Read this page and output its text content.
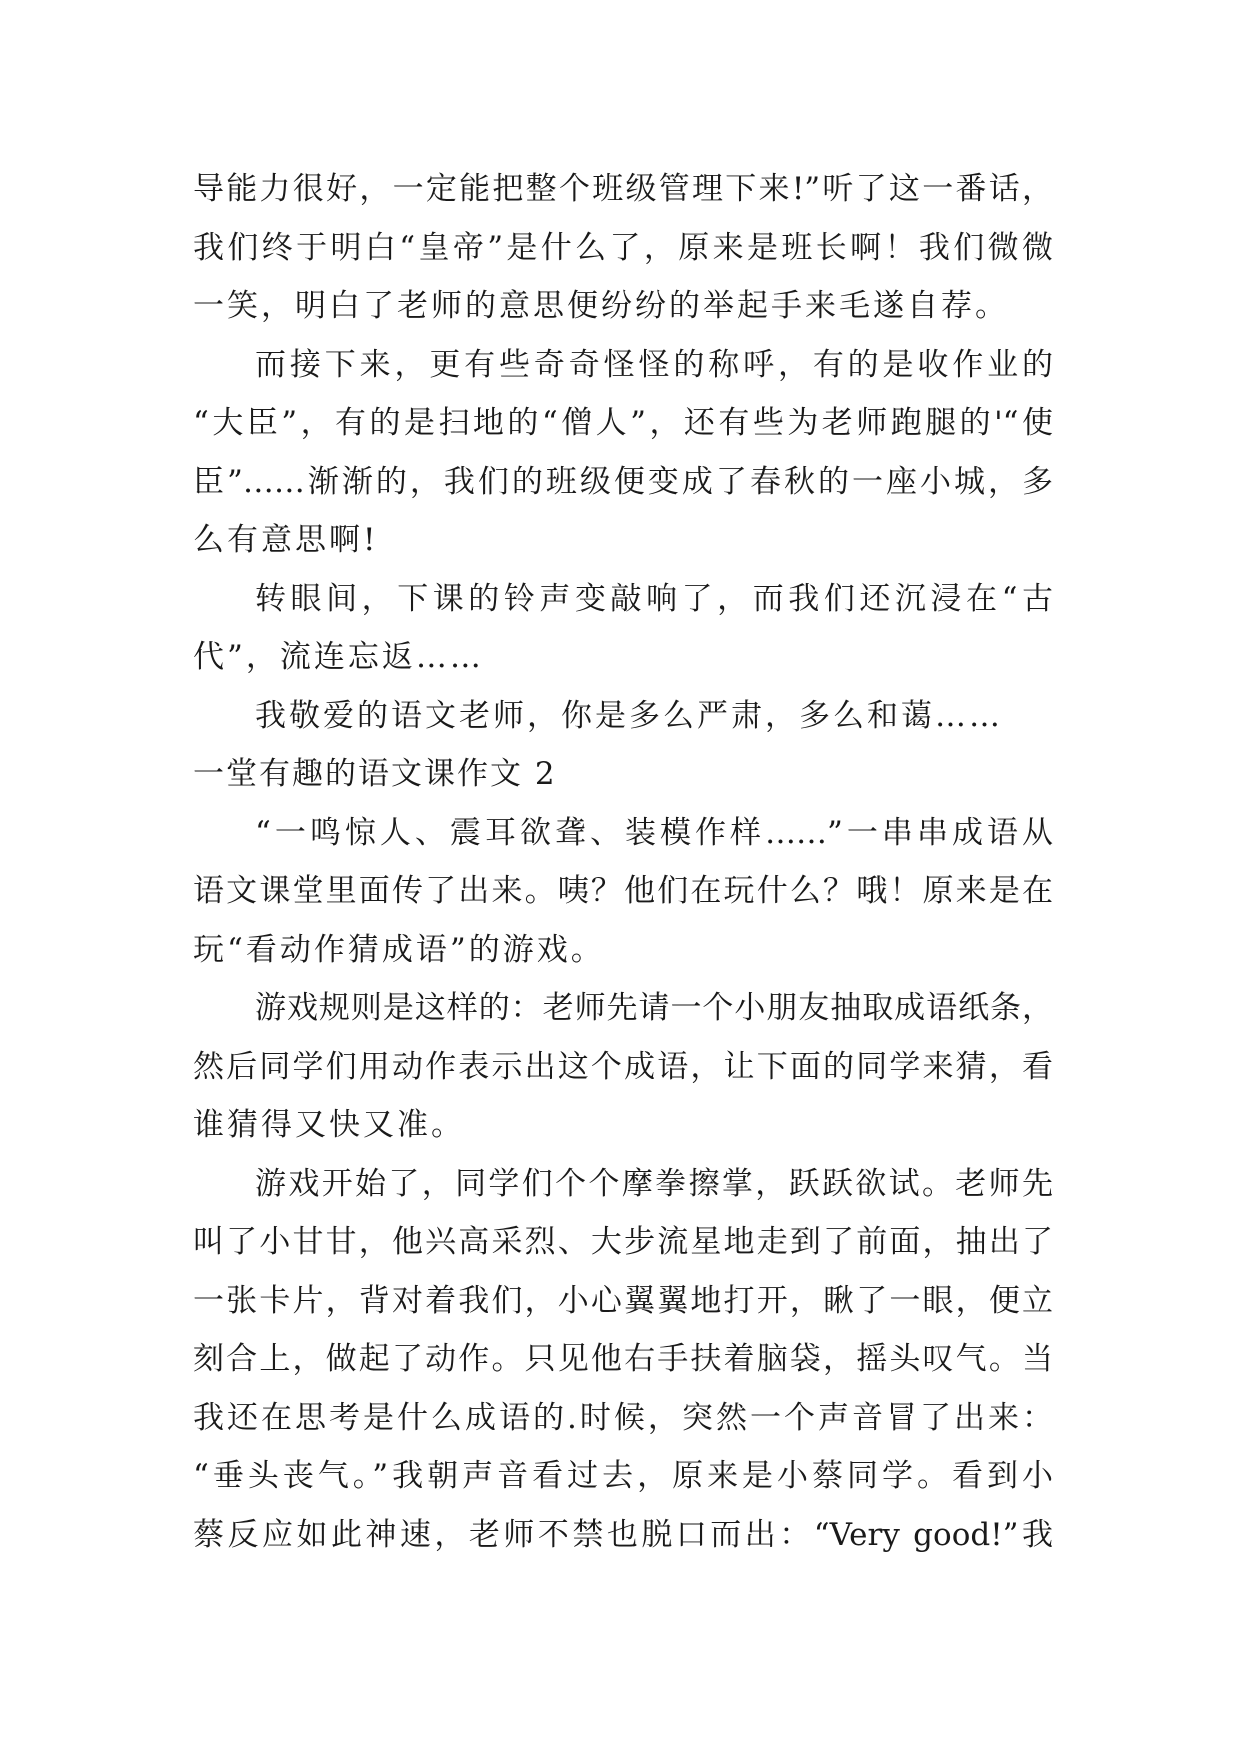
导能力很好，一定能把整个班级管理下来!”听了这一番话，
我们终于明白“皇帝”是什么了，原来是班长啊！我们微微
一笑，明白了老师的意思便纷纷的举起手来毛遂自荐。
而接下来，更有些奇奇怪怪的称呼，有的是收作业的
“大臣”，有的是扫地的“僧人”，还有些为老师跑腿的'“使
臣”……渐渐的，我们的班级便变成了春秋的一座小城，多
么有意思啊!
转眼间，下课的铃声变敲响了，而我们还沉浸在“古
代”，流连忘返……
我敬爱的语文老师，你是多么严肃，多么和蔼……
一堂有趣的语文课作文 2
“一鸣惊人、震耳欲聋、装模作样……”一串串成语从
语文课堂里面传了出来。咦？他们在玩什么？哦！原来是在
玩“看动作猜成语”的游戏。
游戏规则是这样的：老师先请一个小朋友抽取成语纸条，
然后同学们用动作表示出这个成语，让下面的同学来猜，看
谁猜得又快又准。
游戏开始了，同学们个个摩拳擦掌，跃跃欲试。老师先
叫了小甘甘，他兴高采烈、大步流星地走到了前面，抽出了
一张卡片，背对着我们，小心翼翼地打开，瞅了一眼，便立
刻合上，做起了动作。只见他右手扶着脑袋，摇头叹气。当
我还在思考是什么成语的.时候，突然一个声音冒了出来：
“垂头丧气。”我朝声音看过去，原来是小蔡同学。看到小
蔡反应如此神速，老师不禁也脱口而出：“Very good!”我
